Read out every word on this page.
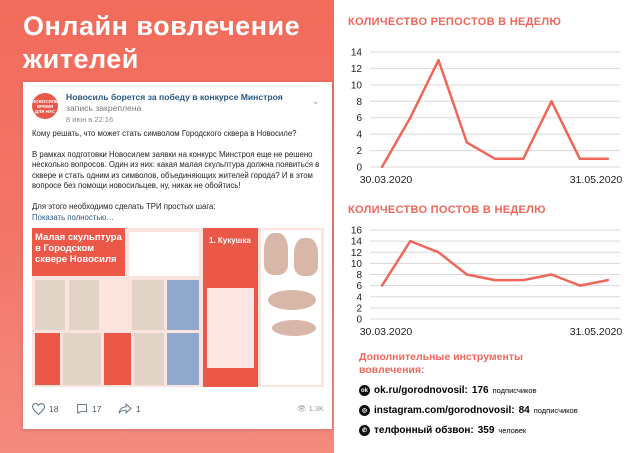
Онлайн вовлечение жителей
НОВОСИЛЬ ВРЕМЯ ДЛЯ НАС
Новосиль борется за победу в конкурсе Минстроя запись закреплена
8 июн в 22:16
⌄

Кому решать, что может стать символом Городского сквера в Новосиле?

В рамках подготовки Новосилем заявки на конкурс Минстроя еще не решено несколько вопросов. Один из них: какая малая скульптура должна появиться в сквере и стать одним из символов, объединяющих жителей города? И в этом вопросе без помощи новосильцев, ну, никак не обойтись!

Для этого необходимо сделать ТРИ простых шага:

Показать полностью…
Малая скульптура в Городском сквере Новосиля
1. Кукушка
18	17	1	👁 1,3K
КОЛИЧЕСТВО РЕПОСТОВ В НЕДЕЛЮ
0
2
4
6
8
10
12
14
30.03.2020	31.05.2020
КОЛИЧЕСТВО ПОСТОВ В НЕДЕЛЮ
0
2
4
6
8
10
12
14
16
30.03.2020	31.05.2020
Дополнительные инструменты вовлечения:
ok ok.ru/gorodnovosil: 176 подписчиков
◎ instagram.com/gorodnovosil: 84 подписчиков
✆ телфонный обзвон: 359 человек
